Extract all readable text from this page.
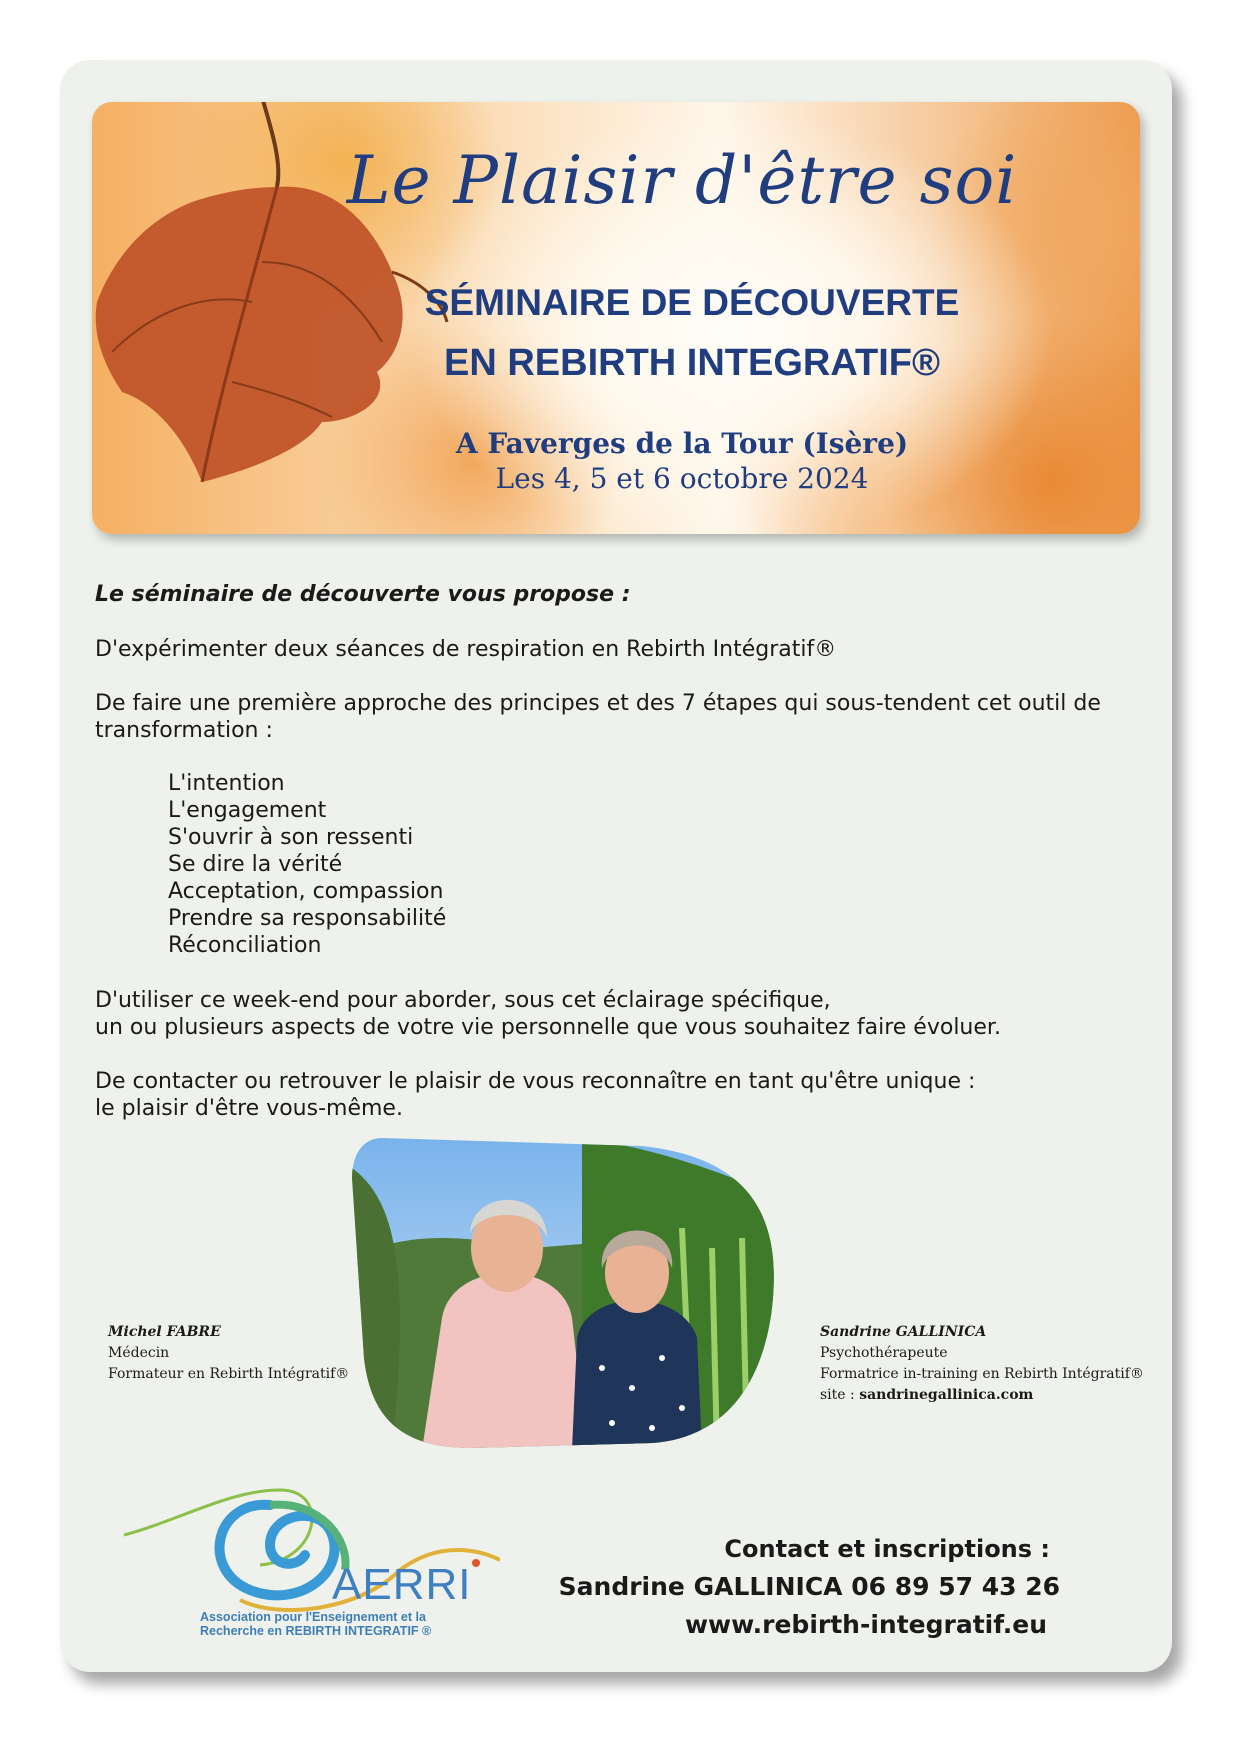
Le Plaisir d'être soi
SÉMINAIRE DE DÉCOUVERTE
EN REBIRTH INTEGRATIF®
A Faverges de la Tour (Isère)
Les 4, 5 et 6 octobre 2024
Le séminaire de découverte vous propose :
D'expérimenter deux séances de respiration en Rebirth Intégratif®
De faire une première approche des principes et des 7 étapes qui sous-tendent cet outil de
transformation :
L'intention
L'engagement
S'ouvrir à son ressenti
Se dire la vérité
Acceptation, compassion
Prendre sa responsabilité
Réconciliation
D'utiliser ce week-end pour aborder, sous cet éclairage spécifique,
un ou plusieurs aspects de votre vie personnelle que vous souhaitez faire évoluer.
De contacter ou retrouver le plaisir de vous reconnaître en tant qu'être unique :
le plaisir d'être vous-même.
Michel FABRE
Médecin
Formateur en Rebirth Intégratif®
Sandrine GALLINICA
Psychothérapeute
Formatrice in-training en Rebirth Intégratif®
site : sandrinegallinica.com
AERRI
Association pour l'Enseignement et la
Recherche en REBIRTH INTEGRATIF ®
Contact et inscriptions :
Sandrine GALLINICA 06 89 57 43 26
www.rebirth-integratif.eu
